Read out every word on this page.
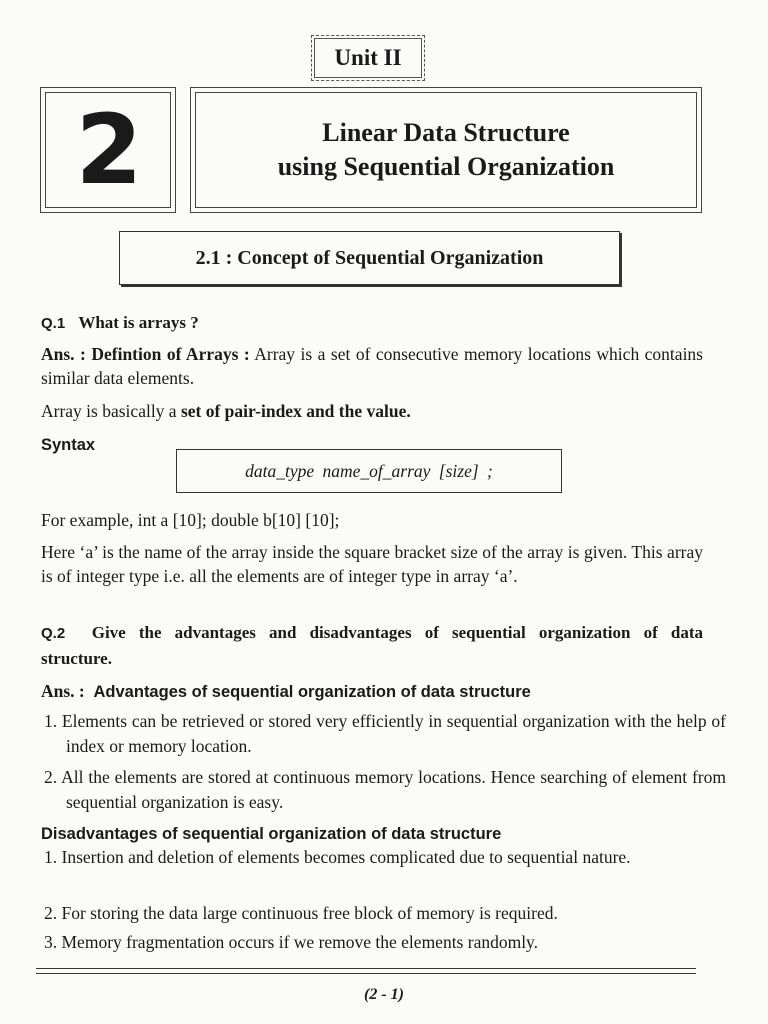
Unit II
2	Linear Data Structure
using Sequential Organization
2.1 : Concept of Sequential Organization
Q.1 What is arrays ?
Ans. : Defintion of Arrays : Array is a set of consecutive memory locations which contains similar data elements.
Array is basically a set of pair-index and the value.
Syntax
data_type name_of_array [size] ;
For example, int a [10]; double b[10] [10];
Here ‘a’ is the name of the array inside the square bracket size of the array is given. This array is of integer type i.e. all the elements are of integer type in array ‘a’.
Q.2 Give the advantages and disadvantages of sequential organization of data structure.
Ans. : Advantages of sequential organization of data structure
1. Elements can be retrieved or stored very efficiently in sequential organization with the help of index or memory location.
2. All the elements are stored at continuous memory locations. Hence searching of element from sequential organization is easy.
Disadvantages of sequential organization of data structure
1. Insertion and deletion of elements becomes complicated due to sequential nature.
2. For storing the data large continuous free block of memory is required.
3. Memory fragmentation occurs if we remove the elements randomly.
(2 - 1)
